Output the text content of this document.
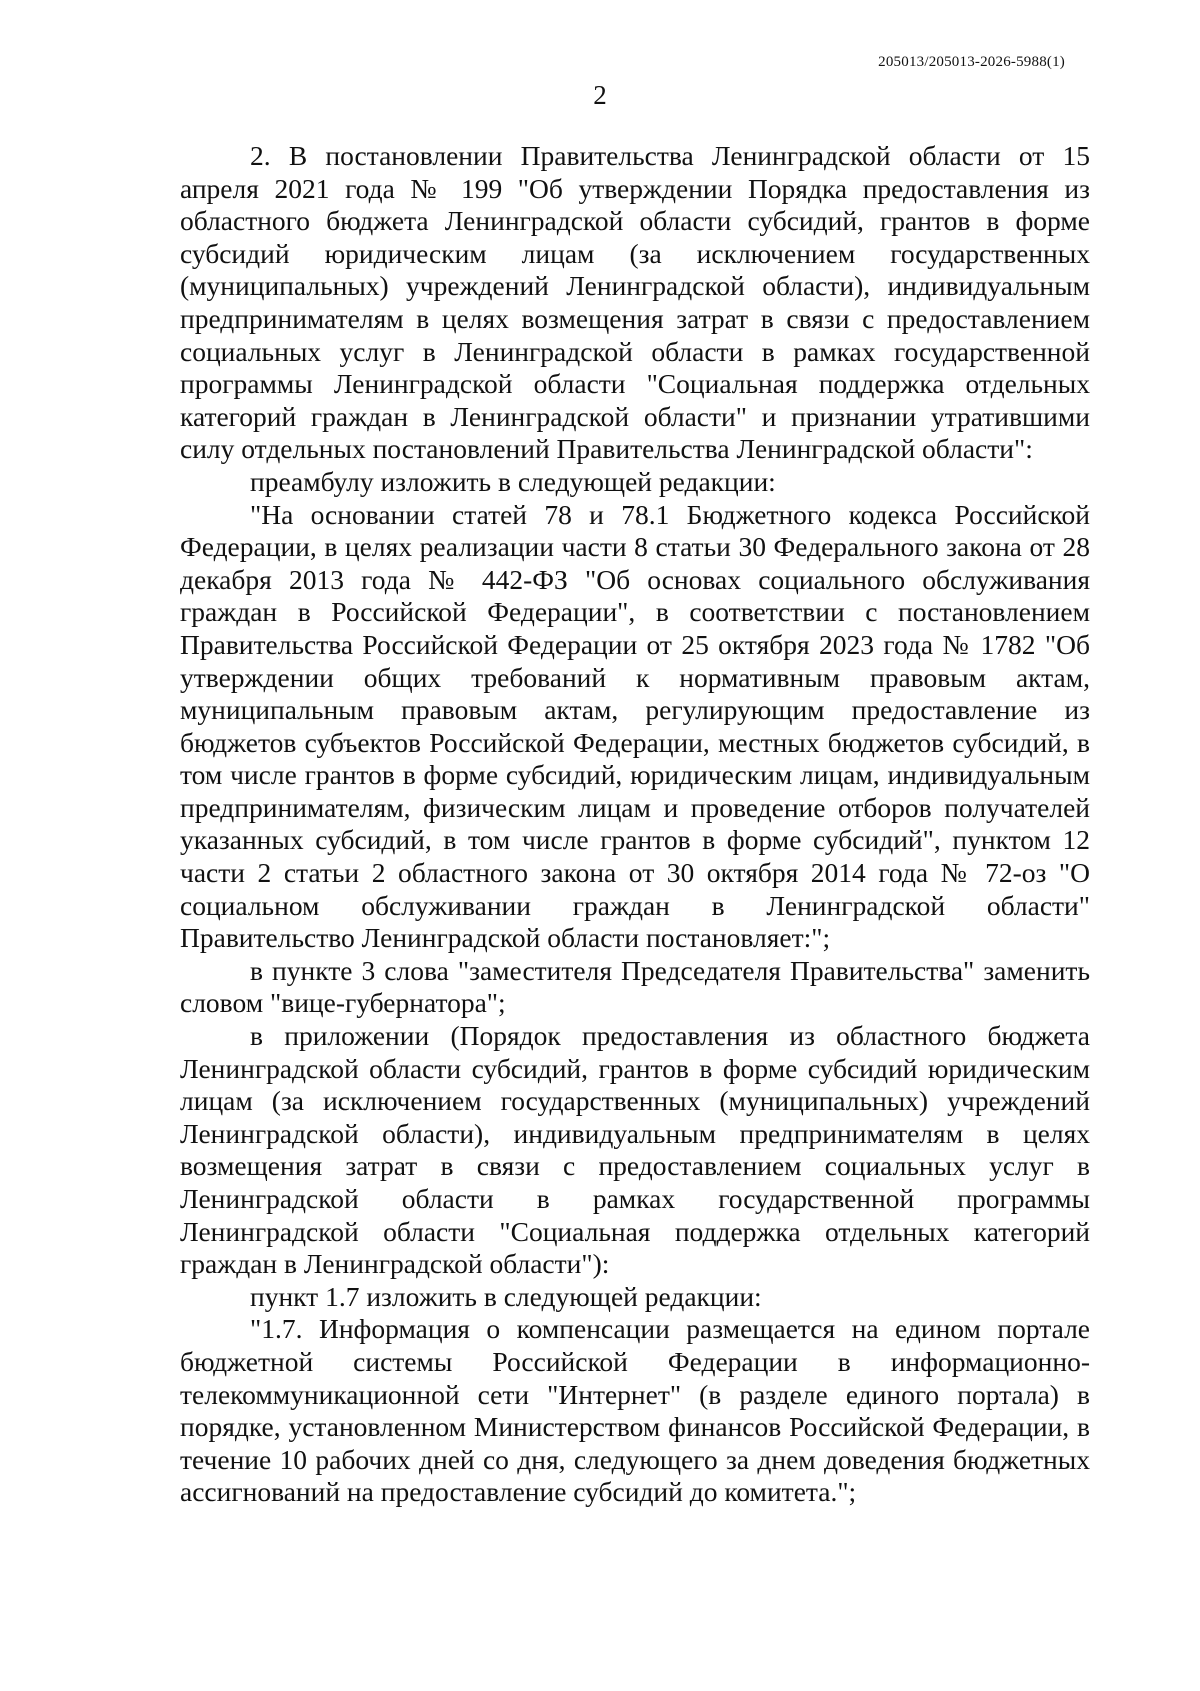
205013/205013-2026-5988(1)
2

2. В постановлении Правительства Ленинградской области от 15 апреля 2021 года № 199 "Об утверждении Порядка предоставления из областного бюджета Ленинградской области субсидий, грантов в форме субсидий юридическим лицам (за исключением государственных (муниципальных) учреждений Ленинградской области), индивидуальным предпринимателям в целях возмещения затрат в связи с предоставлением социальных услуг в Ленинградской области в рамках государственной программы Ленинградской области "Социальная поддержка отдельных категорий граждан в Ленинградской области" и признании утратившими силу отдельных постановлений Правительства Ленинградской области":

преамбулу изложить в следующей редакции:

"На основании статей 78 и 78.1 Бюджетного кодекса Российской Федерации, в целях реализации части 8 статьи 30 Федерального закона от 28 декабря 2013 года № 442-ФЗ "Об основах социального обслуживания граждан в Российской Федерации", в соответствии с постановлением Правительства Российской Федерации от 25 октября 2023 года № 1782 "Об утверждении общих требований к нормативным правовым актам, муниципальным правовым актам, регулирующим предоставление из бюджетов субъектов Российской Федерации, местных бюджетов субсидий, в том числе грантов в форме субсидий, юридическим лицам, индивидуальным предпринимателям, физическим лицам и проведение отборов получателей указанных субсидий, в том числе грантов в форме субсидий", пунктом 12 части 2 статьи 2 областного закона от 30 октября 2014 года № 72-оз "О социальном обслуживании граждан в Ленинградской области" Правительство Ленинградской области постановляет:";

в пункте 3 слова "заместителя Председателя Правительства" заменить словом "вице-губернатора";

в приложении (Порядок предоставления из областного бюджета Ленинградской области субсидий, грантов в форме субсидий юридическим лицам (за исключением государственных (муниципальных) учреждений Ленинградской области), индивидуальным предпринимателям в целях возмещения затрат в связи с предоставлением социальных услуг в Ленинградской области в рамках государственной программы Ленинградской области "Социальная поддержка отдельных категорий граждан в Ленинградской области"):

пункт 1.7 изложить в следующей редакции:

"1.7. Информация о компенсации размещается на едином портале бюджетной системы Российской Федерации в информационно-телекоммуникационной сети "Интернет" (в разделе единого портала) в порядке, установленном Министерством финансов Российской Федерации, в течение 10 рабочих дней со дня, следующего за днем доведения бюджетных ассигнований на предоставление субсидий до комитета.";
